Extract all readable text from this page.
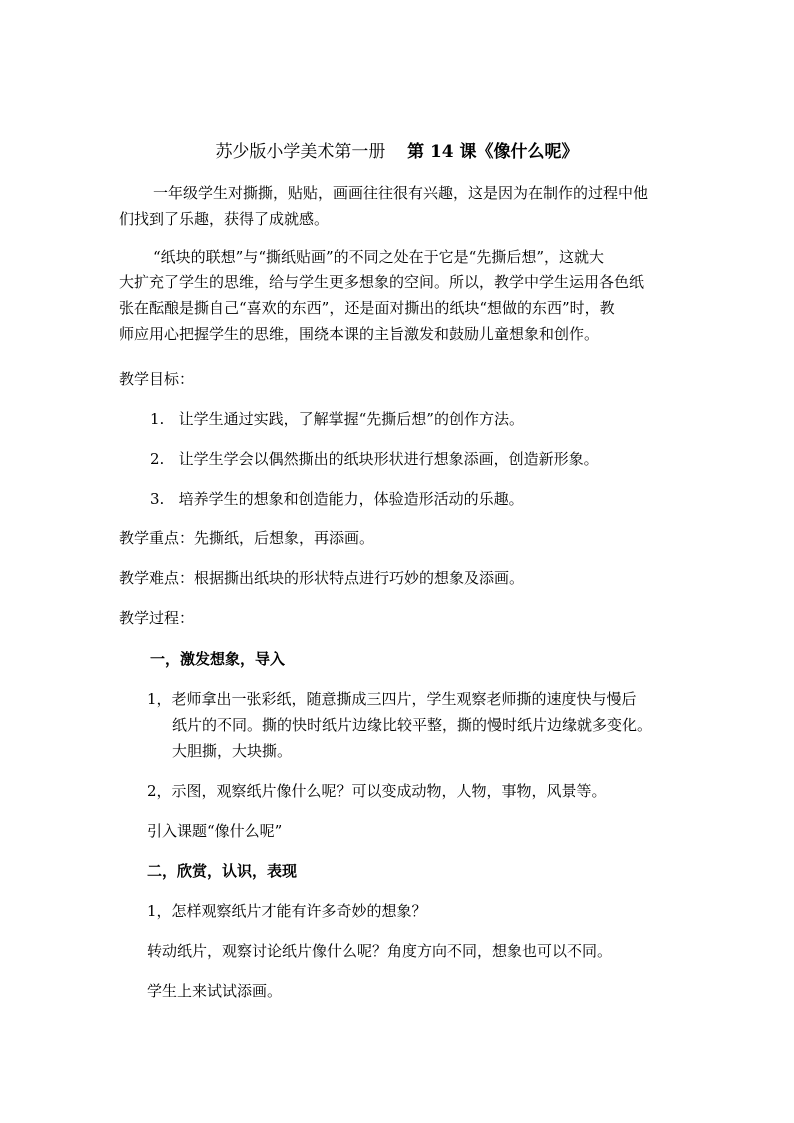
苏少版小学美术第一册 第 14 课《像什么呢》
一年级学生对撕撕，贴贴，画画往往很有兴趣，这是因为在制作的过程中他
们找到了乐趣，获得了成就感。
“纸块的联想”与“撕纸贴画”的不同之处在于它是“先撕后想”，这就大
大扩充了学生的思维，给与学生更多想象的空间。所以，教学中学生运用各色纸
张在酝酿是撕自己“喜欢的东西”，还是面对撕出的纸块“想做的东西”时，教
师应用心把握学生的思维，围绕本课的主旨激发和鼓励儿童想象和创作。
教学目标：
1. 让学生通过实践，了解掌握“先撕后想”的创作方法。
2. 让学生学会以偶然撕出的纸块形状进行想象添画，创造新形象。
3. 培养学生的想象和创造能力，体验造形活动的乐趣。
教学重点：先撕纸，后想象，再添画。
教学难点：根据撕出纸块的形状特点进行巧妙的想象及添画。
教学过程：
一，激发想象，导入
1，老师拿出一张彩纸，随意撕成三四片，学生观察老师撕的速度快与慢后
纸片的不同。撕的快时纸片边缘比较平整，撕的慢时纸片边缘就多变化。
大胆撕，大块撕。
2，示图，观察纸片像什么呢？可以变成动物，人物，事物，风景等。
引入课题“像什么呢”
二，欣赏，认识，表现
1，怎样观察纸片才能有许多奇妙的想象？
转动纸片，观察讨论纸片像什么呢？角度方向不同，想象也可以不同。
学生上来试试添画。
